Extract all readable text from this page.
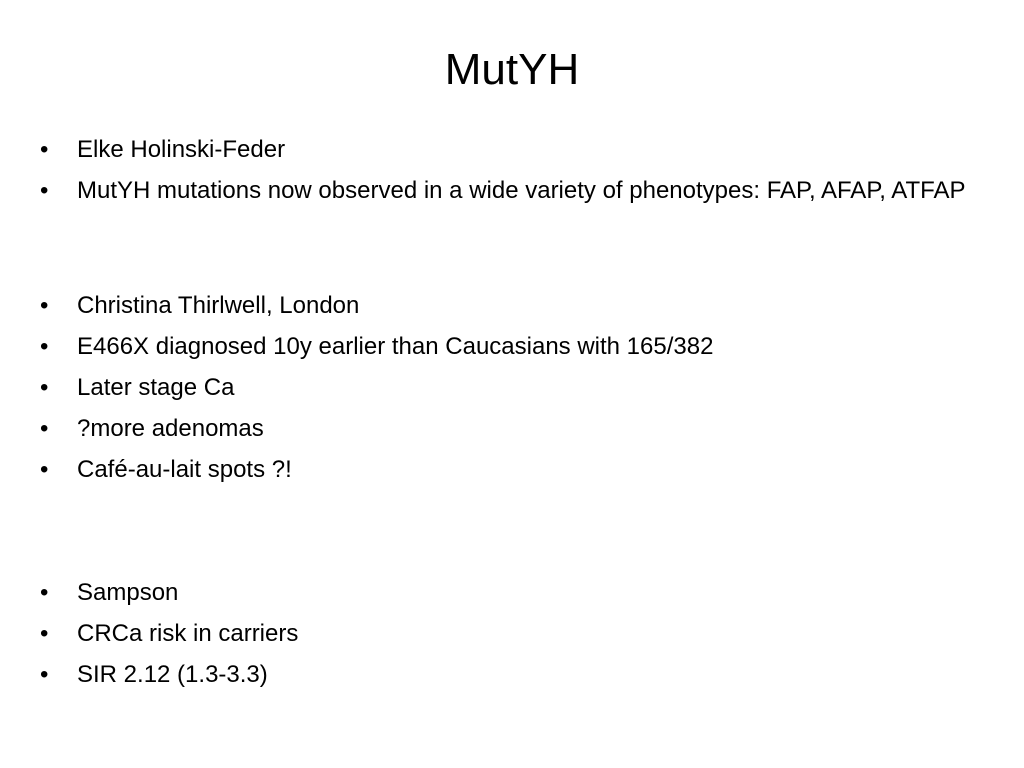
MutYH
• Elke Holinski-Feder
• MutYH mutations now observed in a wide variety of phenotypes: FAP, AFAP, ATFAP
• Christina Thirlwell, London
• E466X diagnosed 10y earlier than Caucasians with 165/382
• Later stage Ca
• ?more adenomas
• Café-au-lait spots ?!
• Sampson
• CRCa risk in carriers
• SIR 2.12 (1.3-3.3)
